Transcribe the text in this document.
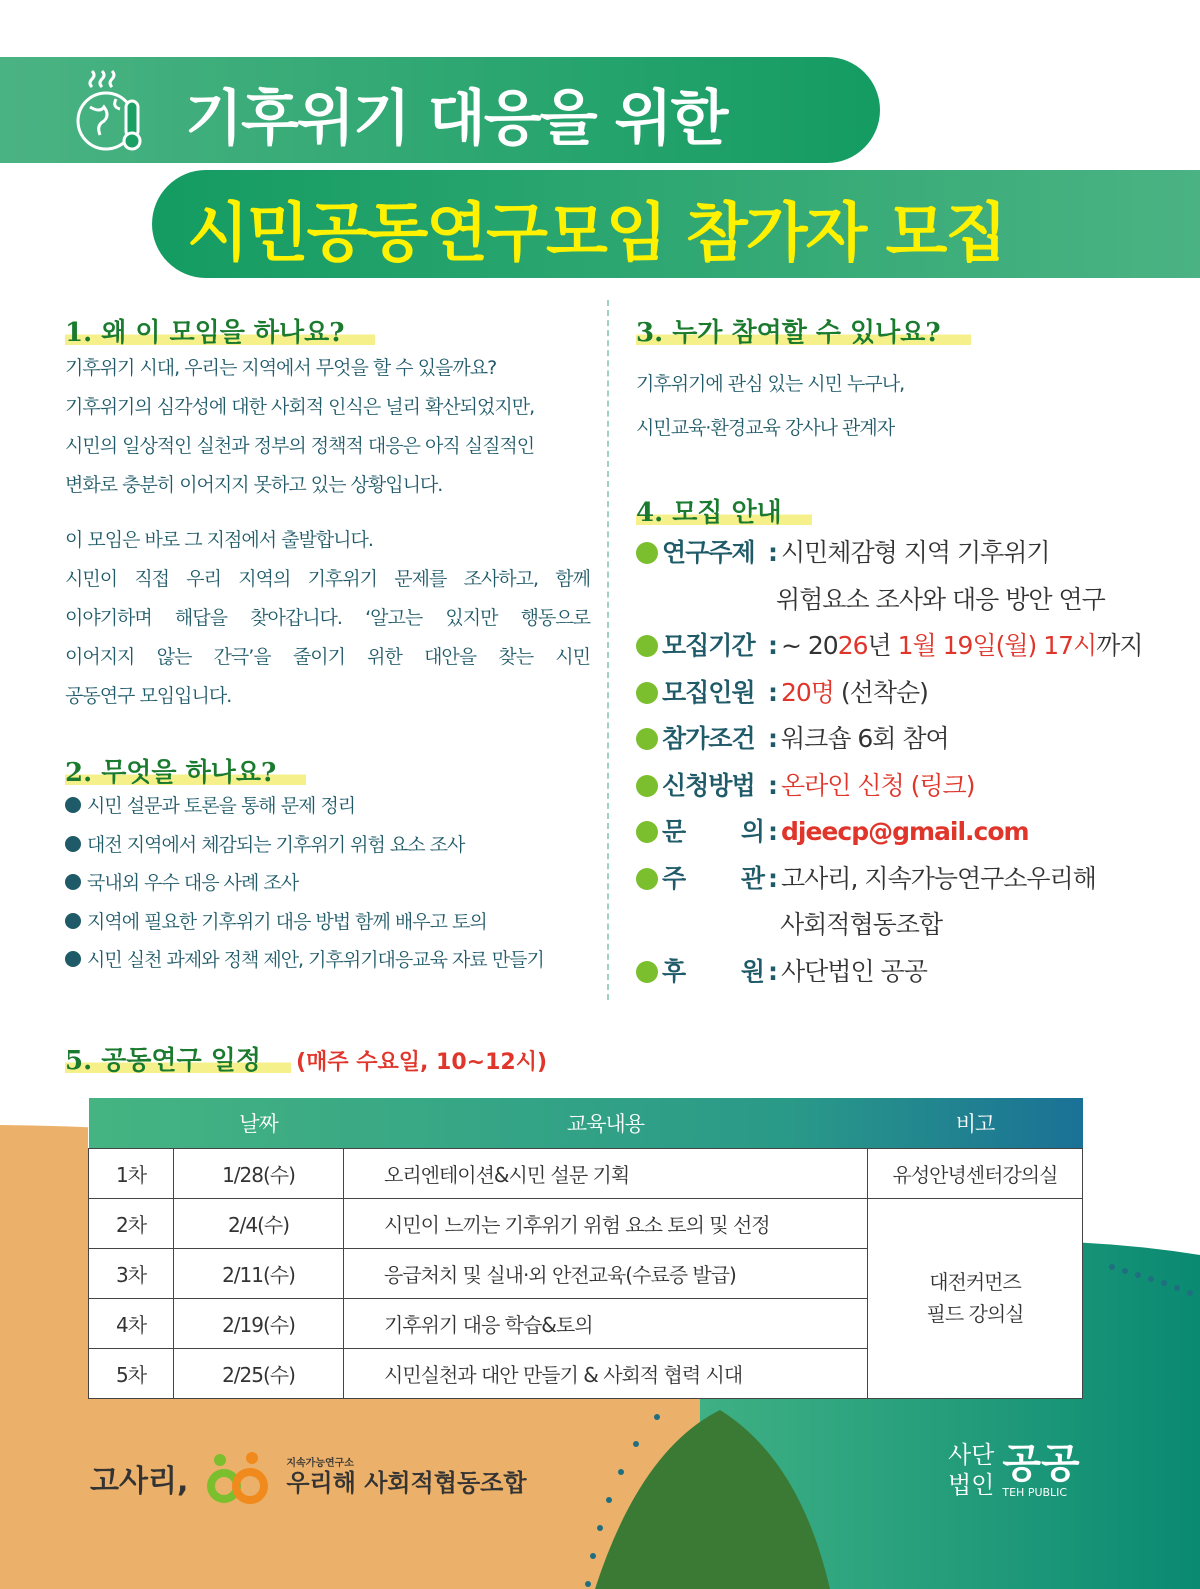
기후위기 대응을 위한
시민공동연구모임 참가자 모집
1. 왜 이 모임을 하나요?
기후위기 시대, 우리는 지역에서 무엇을 할 수 있을까요?
기후위기의 심각성에 대한 사회적 인식은 널리 확산되었지만,
시민의 일상적인 실천과 정부의 정책적 대응은 아직 실질적인
변화로 충분히 이어지지 못하고 있는 상황입니다.
이 모임은 바로 그 지점에서 출발합니다.
시민이 직접 우리 지역의 기후위기 문제를 조사하고, 함께
이야기하며 해답을 찾아갑니다. ‘알고는 있지만 행동으로
이어지지 않는 간극’을 줄이기 위한 대안을 찾는 시민
공동연구 모임입니다.
2. 무엇을 하나요?
시민 설문과 토론을 통해 문제 정리
대전 지역에서 체감되는 기후위기 위험 요소 조사
국내외 우수 대응 사례 조사
지역에 필요한 기후위기 대응 방법 함께 배우고 토의
시민 실천 과제와 정책 제안, 기후위기대응교육 자료 만들기
3. 누가 참여할 수 있나요?
기후위기에 관심 있는 시민 누구나,
시민교육·환경교육 강사나 관계자
4. 모집 안내
연구주제 : 시민체감형 지역 기후위기
위험요소 조사와 대응 방안 연구
모집기간 : ~ 2026년 1월 19일(월) 17시까지
모집인원 : 20명
(선착순)
참가조건 : 워크숍 6회 참여
신청방법 : 온라인 신청 (링크)
문 의 : djeecp@gmail.com
주 관 : 고사리, 지속가능연구소우리해
사회적협동조합
후 원 : 사단법인 공공
5. 공동연구 일정 (매주 수요일, 10~12시)
	날짜	교육내용	비고
1차	1/28(수)	오리엔테이션&시민 설문 기획	유성안녕센터강의실
2차	2/4(수)	시민이 느끼는 기후위기 위험 요소 토의 및 선정	대전커먼즈
필드 강의실

3차	2/11(수)	응급처치 및 실내·외 안전교육(수료증 발급)	
4차	2/19(수)	기후위기 대응 학습&토의	
5차	2/25(수)	시민실천과 대안 만들기 & 사회적 협력 시대	
고사리,
지속가능연구소
우리해 사회적협동조합
사단
법인 공공
TEH PUBLIC
